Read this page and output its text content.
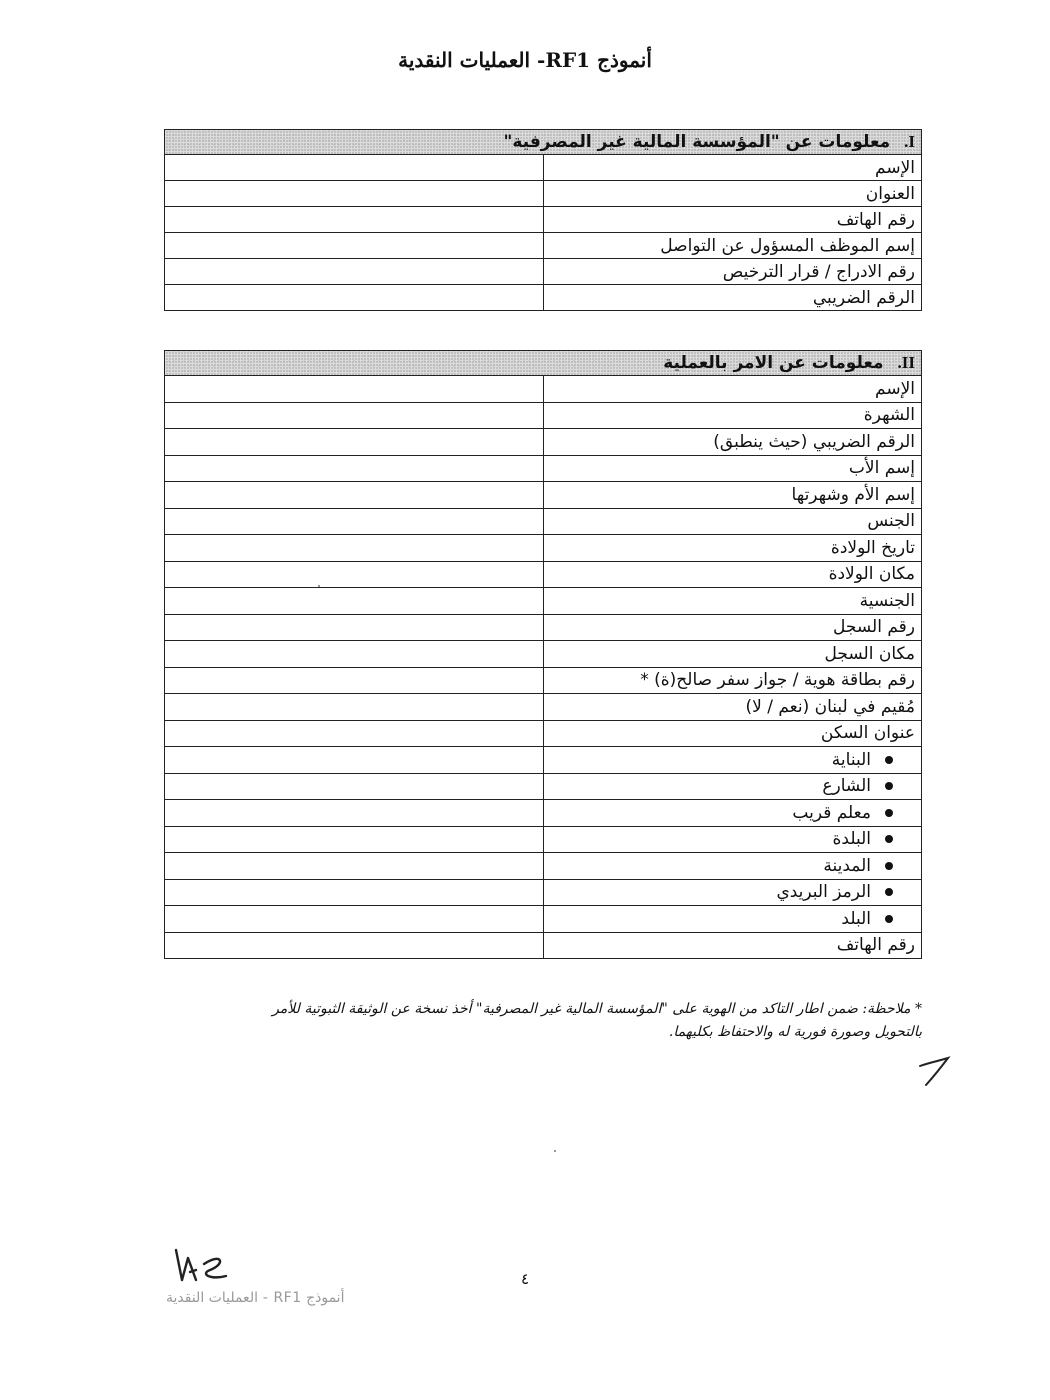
أنموذج RF1- العمليات النقدية
I.معلومات عن "المؤسسة المالية غير المصرفية"	
الإسم	
العنوان	
رقم الهاتف	
إسم الموظف المسؤول عن التواصل	
رقم الادراج / قرار الترخيص	
الرقم الضريبي	
II.معلومات عن الامر بالعملية	
الإسم	
الشهرة	
الرقم الضريبي (حيث ينطبق)	
إسم الأب	
إسم الأم وشهرتها	
الجنس	
تاريخ الولادة	
مكان الولادة	
الجنسية	
رقم السجل	
مكان السجل	
رقم بطاقة هوية / جواز سفر صالح(ة) *	
مُقيم في لبنان (نعم / لا)	
عنوان السكن	
البناية	
الشارع	
معلم قريب	
البلدة	
المدينة	
الرمز البريدي	
البلد	
رقم الهاتف	
* ملاحظة: ضمن اطار التاكد من الهوية على "المؤسسة المالية غير المصرفية" أخذ نسخة عن الوثيقة الثبوتية للأمر
بالتحويل وصورة فورية له والاحتفاظ بكليهما.
٤
أنموذج RF1 - العمليات النقدية
